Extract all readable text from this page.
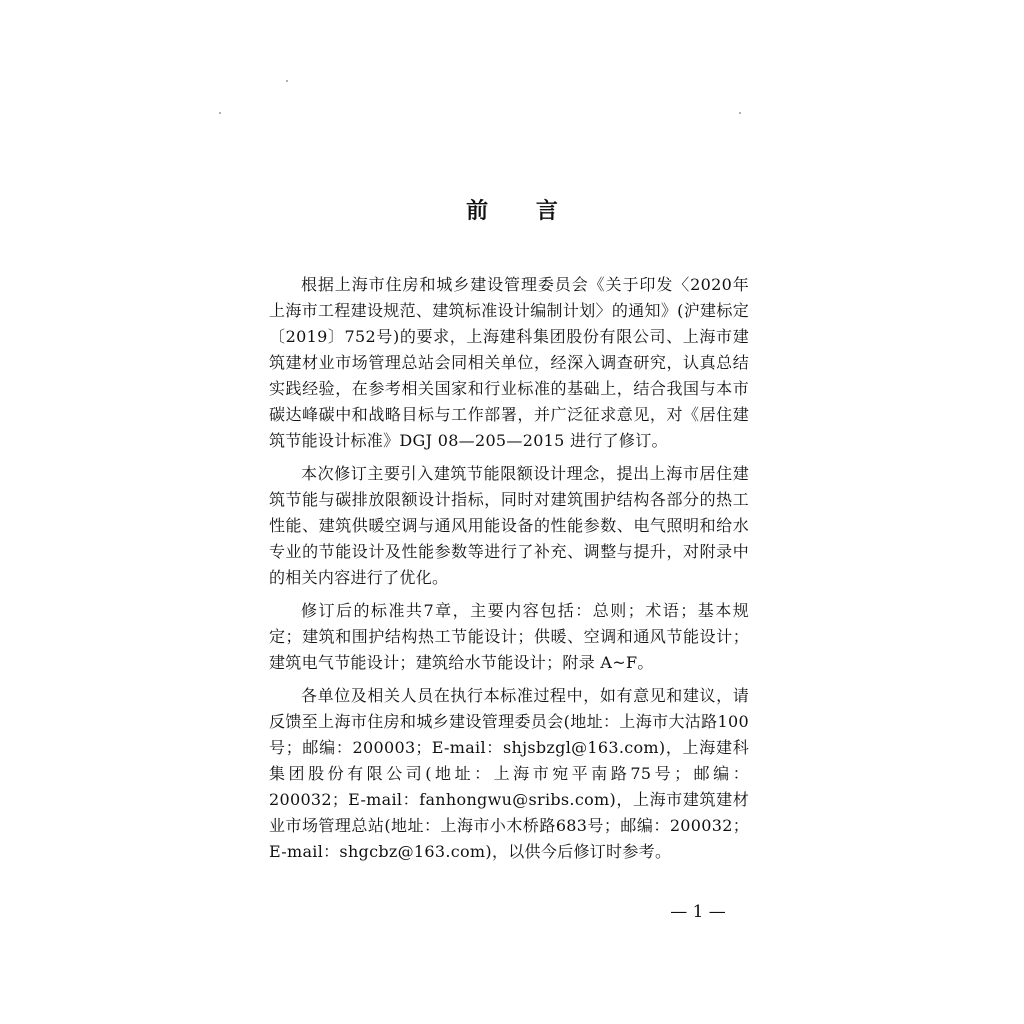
前 言

根据上海市住房和城乡建设管理委员会《关于印发〈2020年上海市工程建设规范、建筑标准设计编制计划〉的通知》(沪建标定〔2019〕752号)的要求，上海建科集团股份有限公司、上海市建筑建材业市场管理总站会同相关单位，经深入调查研究，认真总结实践经验，在参考相关国家和行业标准的基础上，结合我国与本市碳达峰碳中和战略目标与工作部署，并广泛征求意见，对《居住建筑节能设计标准》DGJ 08—205—2015 进行了修订。

本次修订主要引入建筑节能限额设计理念，提出上海市居住建筑节能与碳排放限额设计指标，同时对建筑围护结构各部分的热工性能、建筑供暖空调与通风用能设备的性能参数、电气照明和给水专业的节能设计及性能参数等进行了补充、调整与提升，对附录中的相关内容进行了优化。

修订后的标准共7章，主要内容包括：总则；术语；基本规定；建筑和围护结构热工节能设计；供暖、空调和通风节能设计；建筑电气节能设计；建筑给水节能设计；附录 A~F。

各单位及相关人员在执行本标准过程中，如有意见和建议，请反馈至上海市住房和城乡建设管理委员会(地址：上海市大沽路100号；邮编：200003；E-mail：shjsbzgl@163.com)，上海建科集团股份有限公司(地址：上海市宛平南路75号；邮编：200032；E-mail：fanhongwu@sribs.com)，上海市建筑建材业市场管理总站(地址：上海市小木桥路683号；邮编：200032；E-mail：shgcbz@163.com)，以供今后修订时参考。

— 1 —
